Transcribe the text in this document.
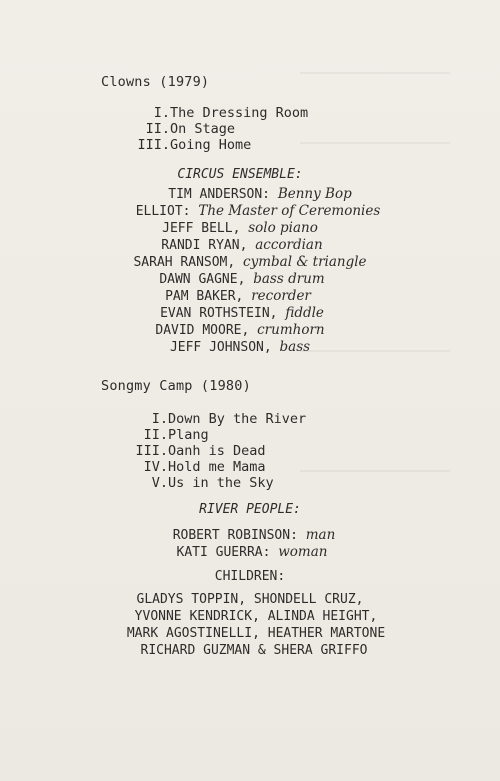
Clowns (1979)
I. The Dressing Room
II. On Stage
III. Going Home
CIRCUS ENSEMBLE:
TIM ANDERSON: Benny Bop
ELLIOT: The Master of Ceremonies
JEFF BELL, solo piano
RANDI RYAN, accordian
SARAH RANSOM, cymbal & triangle
DAWN GAGNE, bass drum
PAM BAKER, recorder
EVAN ROTHSTEIN, fiddle
DAVID MOORE, crumhorn
JEFF JOHNSON, bass
Songmy Camp (1980)
I. Down By the River
II. Plang
III. Oanh is Dead
IV. Hold me Mama
V. Us in the Sky
RIVER PEOPLE:
ROBERT ROBINSON: man
KATI GUERRA: woman
CHILDREN:
GLADYS TOPPIN, SHONDELL CRUZ,
YVONNE KENDRICK, ALINDA HEIGHT,
MARK AGOSTINELLI, HEATHER MARTONE
RICHARD GUZMAN & SHERA GRIFFO
